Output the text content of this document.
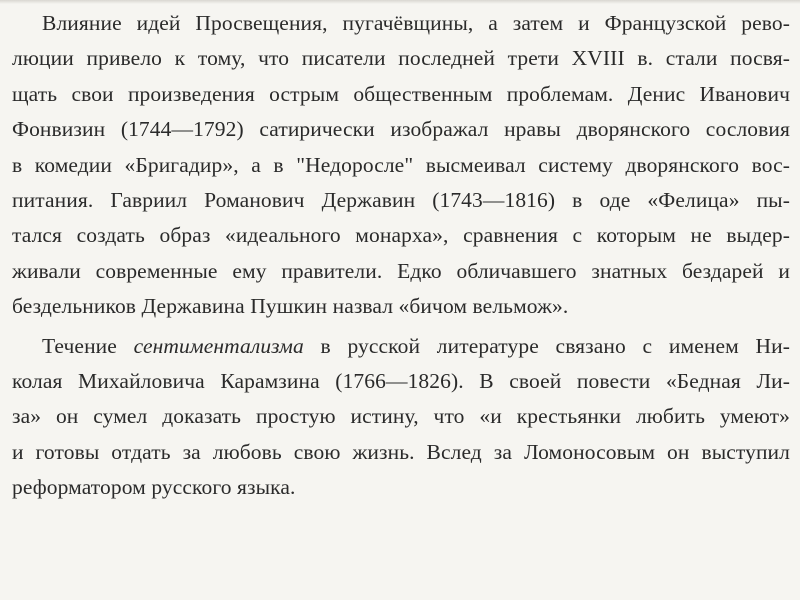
Влияние идей Просвещения, пугачёвщины, а затем и Французской рево-
люции привело к тому, что писатели последней трети XVIII в. стали посвя-
щать свои произведения острым общественным проблемам. Денис Иванович
Фонвизин (1744—1792) сатирически изображал нравы дворянского сословия
в комедии «Бригадир», а в "Недоросле" высмеивал систему дворянского вос-
питания. Гавриил Романович Державин (1743—1816) в оде «Фелица» пы-
тался создать образ «идеального монарха», сравнения с которым не выдер-
живали современные ему правители. Едко обличавшего знатных бездарей и
бездельников Державина Пушкин назвал «бичом вельмож».
Течение сентиментализма в русской литературе связано с именем Ни-
колая Михайловича Карамзина (1766—1826). В своей повести «Бедная Ли-
за» он сумел доказать простую истину, что «и крестьянки любить умеют»
и готовы отдать за любовь свою жизнь. Вслед за Ломоносовым он выступил
реформатором русского языка.
